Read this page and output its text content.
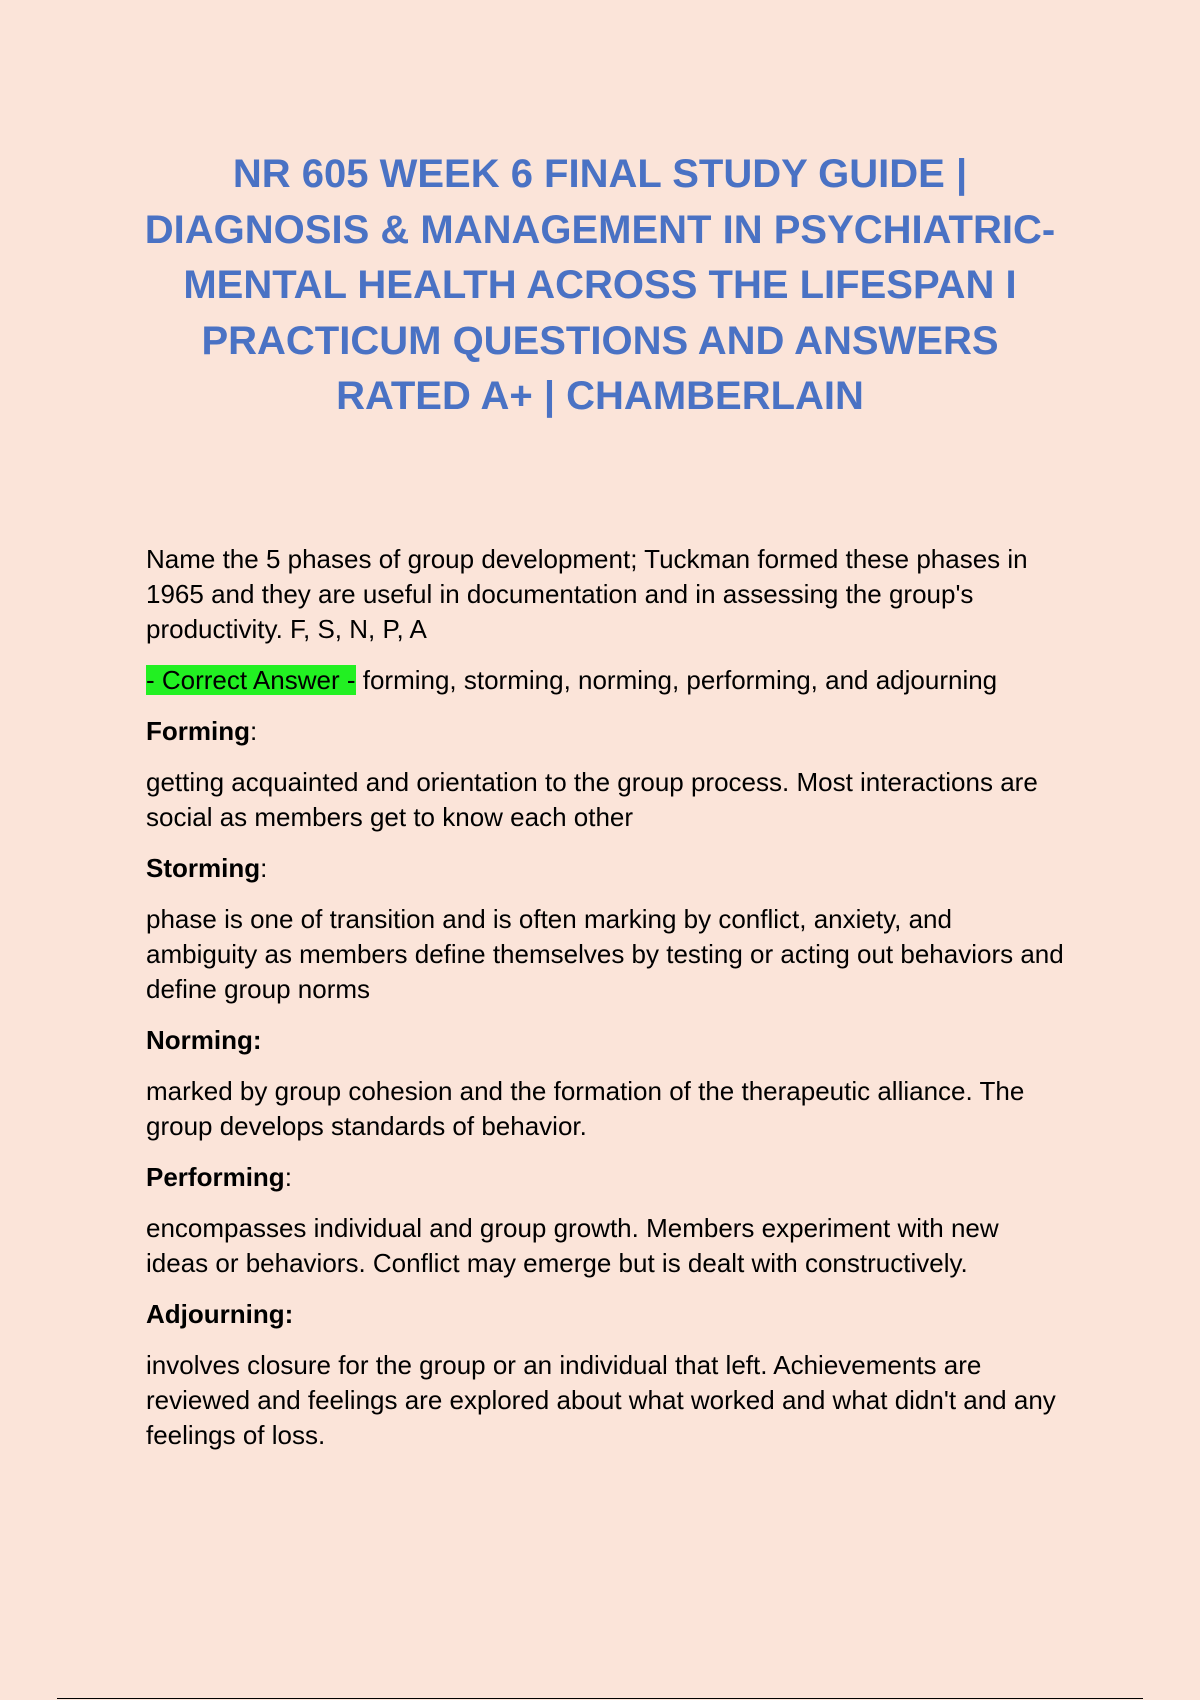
NR 605 WEEK 6 FINAL STUDY GUIDE | DIAGNOSIS & MANAGEMENT IN PSYCHIATRIC-MENTAL HEALTH ACROSS THE LIFESPAN I PRACTICUM QUESTIONS AND ANSWERS RATED A+ | CHAMBERLAIN

Name the 5 phases of group development; Tuckman formed these phases in 1965 and they are useful in documentation and in assessing the group's productivity. F, S, N, P, A

- Correct Answer - forming, storming, norming, performing, and adjourning

Forming:

getting acquainted and orientation to the group process. Most interactions are social as members get to know each other

Storming:

phase is one of transition and is often marking by conflict, anxiety, and ambiguity as members define themselves by testing or acting out behaviors and define group norms

Norming:

marked by group cohesion and the formation of the therapeutic alliance. The group develops standards of behavior.

Performing:

encompasses individual and group growth. Members experiment with new ideas or behaviors. Conflict may emerge but is dealt with constructively.

Adjourning:

involves closure for the group or an individual that left. Achievements are reviewed and feelings are explored about what worked and what didn't and any feelings of loss.
